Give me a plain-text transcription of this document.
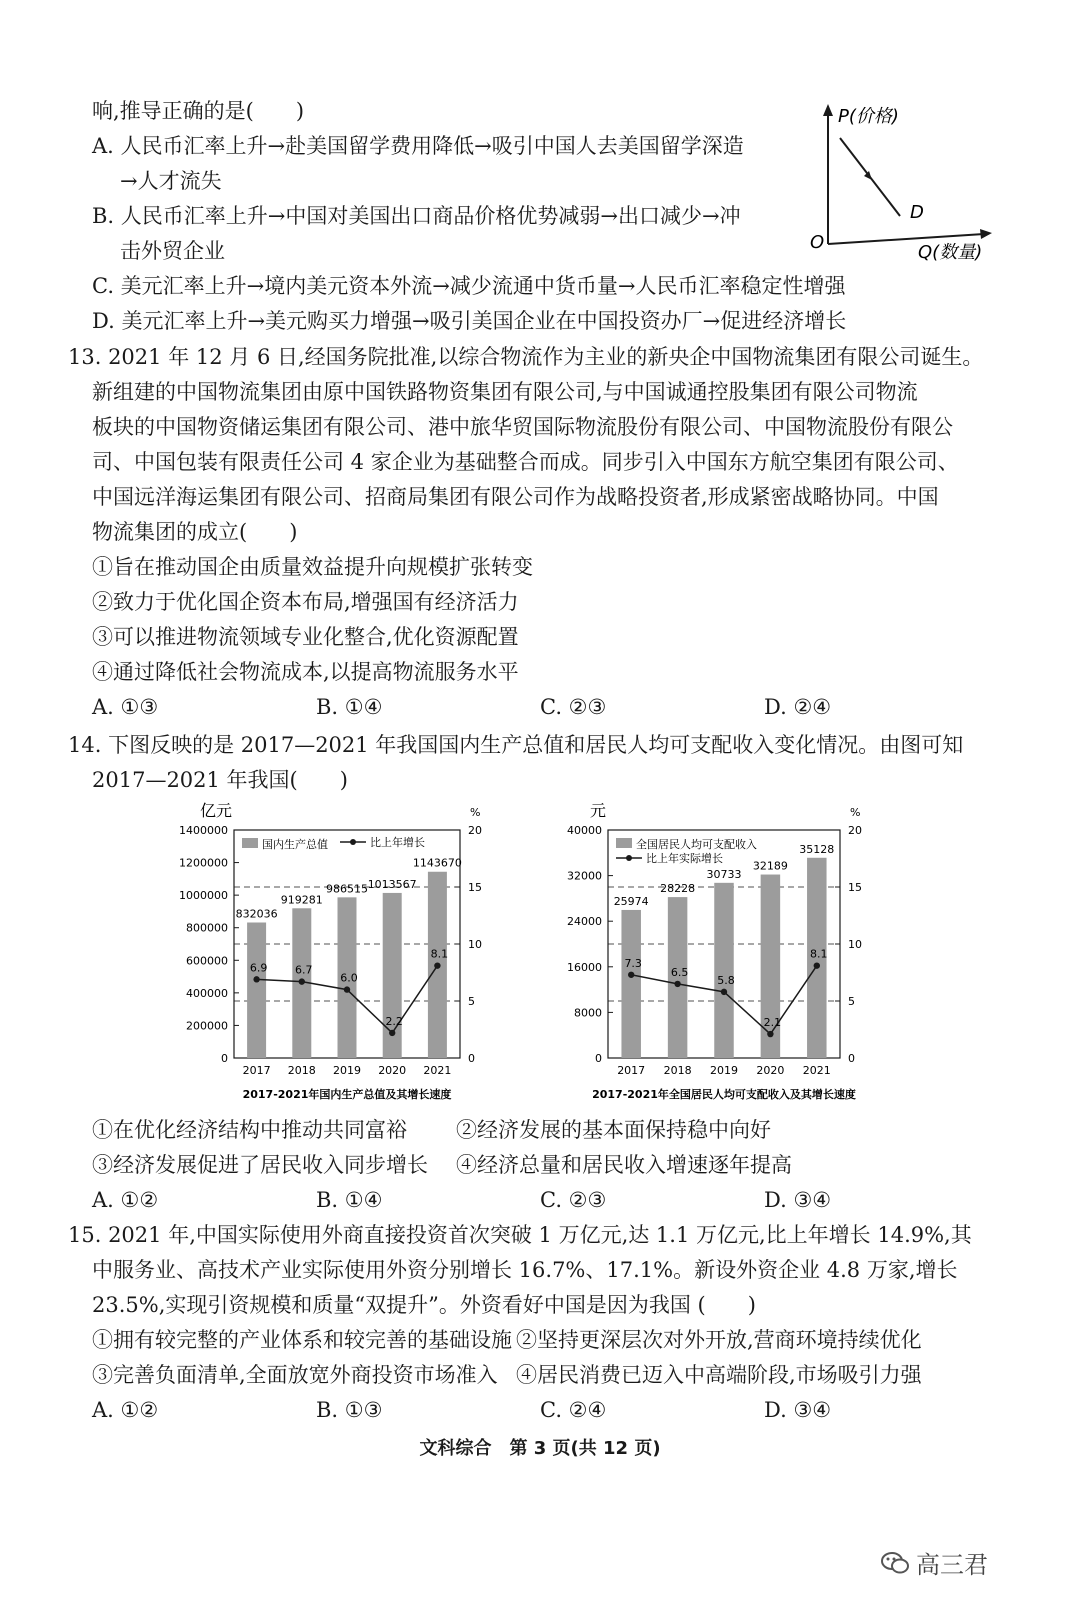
响,推导正确的是(　　)
A. 人民币汇率上升→赴美国留学费用降低→吸引中国人去美国留学深造
→人才流失
B. 人民币汇率上升→中国对美国出口商品价格优势减弱→出口减少→冲
击外贸企业
C. 美元汇率上升→境内美元资本外流→减少流通中货币量→人民币汇率稳定性增强
D. 美元汇率上升→美元购买力增强→吸引美国企业在中国投资办厂→促进经济增长
P(价格)
D
O	Q(数量)
13. 2021 年 12 月 6 日,经国务院批准,以综合物流作为主业的新央企中国物流集团有限公司诞生。
新组建的中国物流集团由原中国铁路物资集团有限公司,与中国诚通控股集团有限公司物流
板块的中国物资储运集团有限公司、港中旅华贸国际物流股份有限公司、中国物流股份有限公
司、中国包装有限责任公司 4 家企业为基础整合而成。同步引入中国东方航空集团有限公司、
中国远洋海运集团有限公司、招商局集团有限公司作为战略投资者,形成紧密战略协同。中国
物流集团的成立(　　)
①旨在推动国企由质量效益提升向规模扩张转变
②致力于优化国企资本布局,增强国有经济活力
③可以推进物流领域专业化整合,优化资源配置
④通过降低社会物流成本,以提高物流服务水平
A. ①③	B. ①④	C. ②③	D. ②④
14. 下图反映的是 2017—2021 年我国国内生产总值和居民人均可支配收入变化情况。由图可知
2017—2021 年我国(　　)
0
200000
400000
600000
800000
1000000
1200000
1400000
0
5
10
15
20
亿元	%
832036
2017
919281
2018
986515
2019
1013567
2020
1143670
2021
6.9	6.7
6.0
2.2
8.1
国内生产总值	比上年增长
2017-2021年国内生产总值及其增长速度
0
8000
16000
24000
32000
40000
0
5
10
15
20
元	%
25974
2017
28228
2018
30733
2019
32189
2020
35128
2021
7.3
6.5
5.8
2.1
8.1
全国居民人均可支配收入
比上年实际增长
2017-2021年全国居民人均可支配收入及其增长速度
①在优化经济结构中推动共同富裕 ②经济发展的基本面保持稳中向好
③经济发展促进了居民收入同步增长 ④经济总量和居民收入增速逐年提高
A. ①②	B. ①④	C. ②③	D. ③④
15. 2021 年,中国实际使用外商直接投资首次突破 1 万亿元,达 1.1 万亿元,比上年增长 14.9%,其
中服务业、高技术产业实际使用外资分别增长 16.7%、17.1%。新设外资企业 4.8 万家,增长
23.5%,实现引资规模和质量“双提升”。外资看好中国是因为我国 (　　)
①拥有较完整的产业体系和较完善的基础设施 ②坚持更深层次对外开放,营商环境持续优化
③完善负面清单,全面放宽外商投资市场准入 ④居民消费已迈入中高端阶段,市场吸引力强
A. ①②	B. ①③	C. ②④	D. ③④
文科综合　第 3 页(共 12 页)
高三君
